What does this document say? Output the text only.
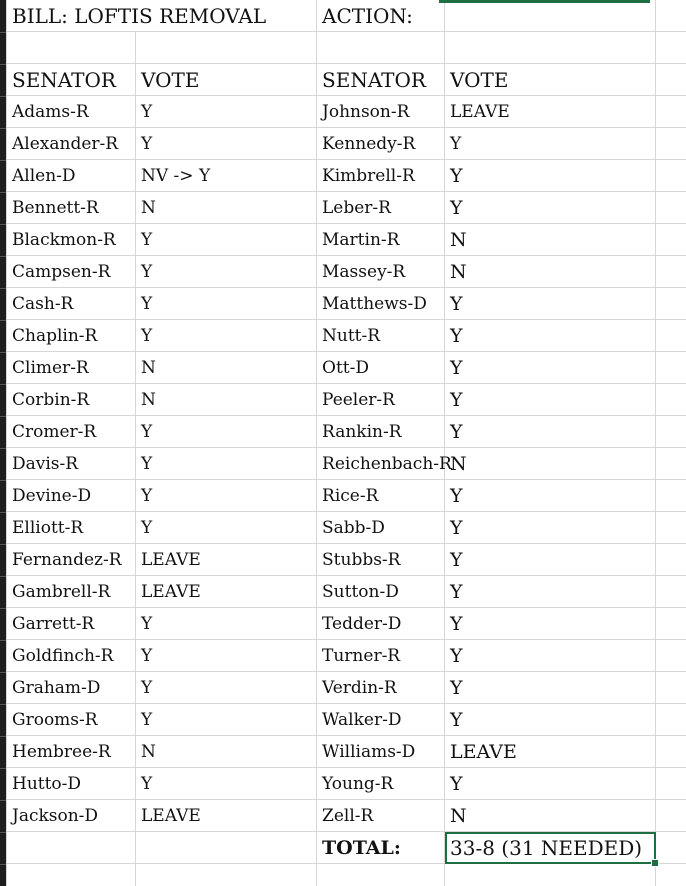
BILL: LOFTIS REMOVAL		ACTION:		

SENATOR	VOTE	SENATOR	VOTE	
Adams-R	Y	Johnson-R	LEAVE	
Alexander-R	Y	Kennedy-R	Y	
Allen-D	NV -> Y	Kimbrell-R	Y	
Bennett-R	N	Leber-R	Y	
Blackmon-R	Y	Martin-R	N	
Campsen-R	Y	Massey-R	N	
Cash-R	Y	Matthews-D	Y	
Chaplin-R	Y	Nutt-R	Y	
Climer-R	N	Ott-D	Y	
Corbin-R	N	Peeler-R	Y	
Cromer-R	Y	Rankin-R	Y	
Davis-R	Y	Reichenbach-R	N	
Devine-D	Y	Rice-R	Y	
Elliott-R	Y	Sabb-D	Y	
Fernandez-R	LEAVE	Stubbs-R	Y	
Gambrell-R	LEAVE	Sutton-D	Y	
Garrett-R	Y	Tedder-D	Y	
Goldfinch-R	Y	Turner-R	Y	
Graham-D	Y	Verdin-R	Y	
Grooms-R	Y	Walker-D	Y	
Hembree-R	N	Williams-D	LEAVE	
Hutto-D	Y	Young-R	Y	
Jackson-D	LEAVE	Zell-R	N	
		TOTAL:	33-8 (31 NEEDED)
